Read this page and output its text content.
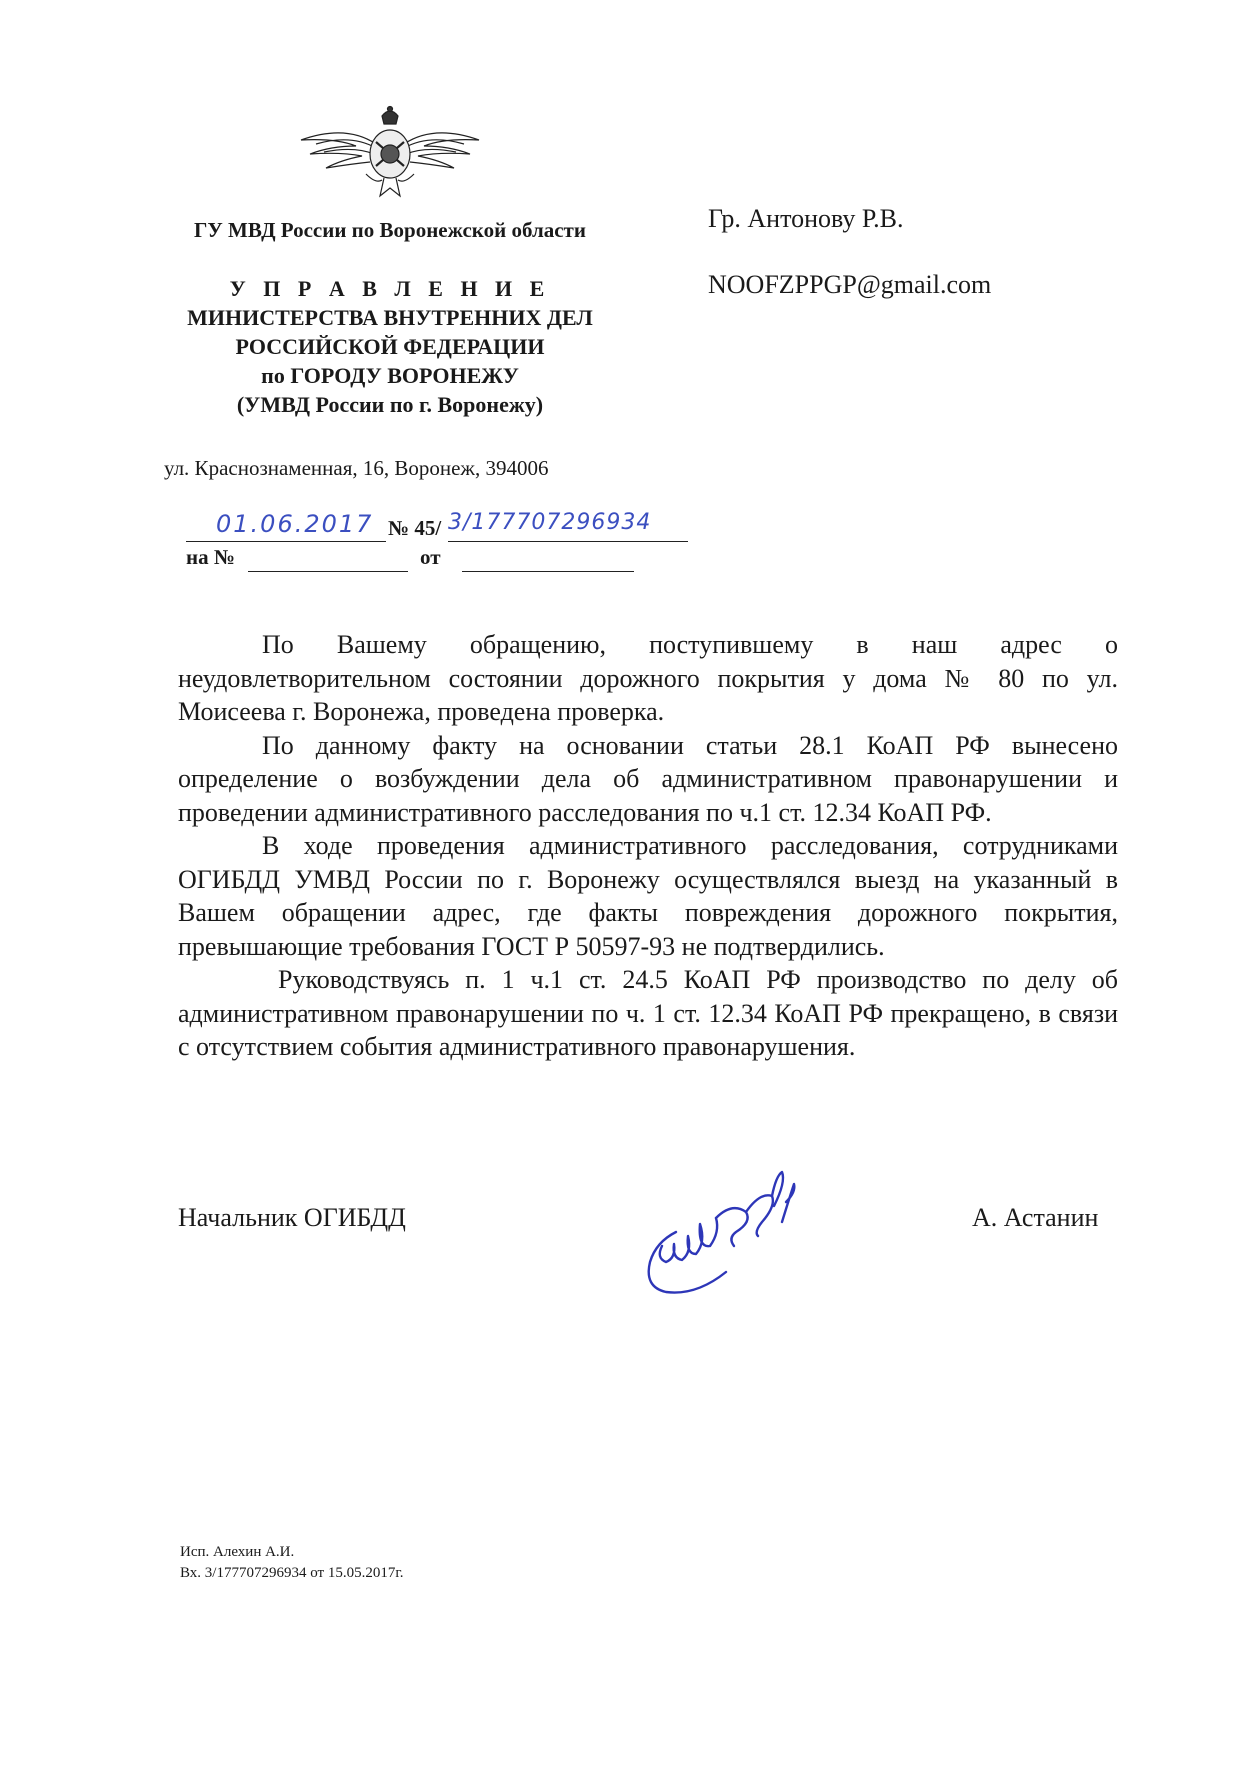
ГУ МВД России по Воронежской области
У П Р А В Л Е Н И Е
МИНИСТЕРСТВА ВНУТРЕННИХ ДЕЛ
РОССИЙСКОЙ ФЕДЕРАЦИИ
по ГОРОДУ ВОРОНЕЖУ
(УМВД России по г. Воронежу)
ул. Краснознаменная, 16, Воронеж, 394006
01.06.2017 № 45/ 3/177707296934
на №	от
Гр. Антонову Р.В.
NOOFZPPGP@gmail.com

По Вашему обращению, поступившему в наш адрес о неудовлетворительном состоянии дорожного покрытия у дома № 80 по ул. Моисеева г. Воронежа, проведена проверка.

По данному факту на основании статьи 28.1 КоАП РФ вынесено определение о возбуждении дела об административном правонарушении и проведении административного расследования по ч.1 ст. 12.34 КоАП РФ.

В ходе проведения административного расследования, сотрудниками ОГИБДД УМВД России по г. Воронежу осуществлялся выезд на указанный в Вашем обращении адрес, где факты повреждения дорожного покрытия, превышающие требования ГОСТ Р 50597-93 не подтвердились.

Руководствуясь п. 1 ч.1 ст. 24.5 КоАП РФ производство по делу об административном правонарушении по ч. 1 ст. 12.34 КоАП РФ прекращено, в связи с отсутствием события административного правонарушения.

Начальник ОГИБДД	А. Астанин
Исп. Алехин А.И.
Вх. 3/177707296934 от 15.05.2017г.
